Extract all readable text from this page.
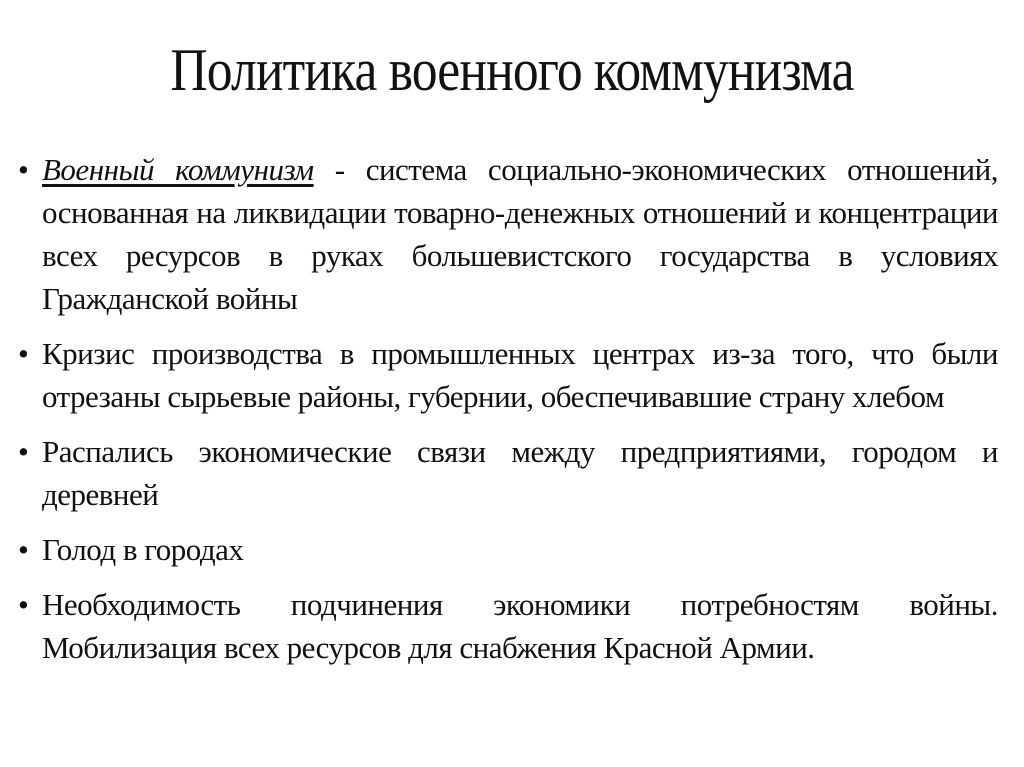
Политика военного коммунизма
• Военный коммунизм - система социально-экономических отношений, основанная на ликвидации товарно-денежных отношений и концентрации всех ресурсов в руках большевистского государства в условиях Гражданской войны
• Кризис производства в промышленных центрах из-за того, что были отрезаны сырьевые районы, губернии, обеспечивавшие страну хлебом
• Распались экономические связи между предприятиями, городом и деревней
• Голод в городах
• Необходимость подчинения экономики потребностям войны. Мобилизация всех ресурсов для снабжения Красной Армии.
